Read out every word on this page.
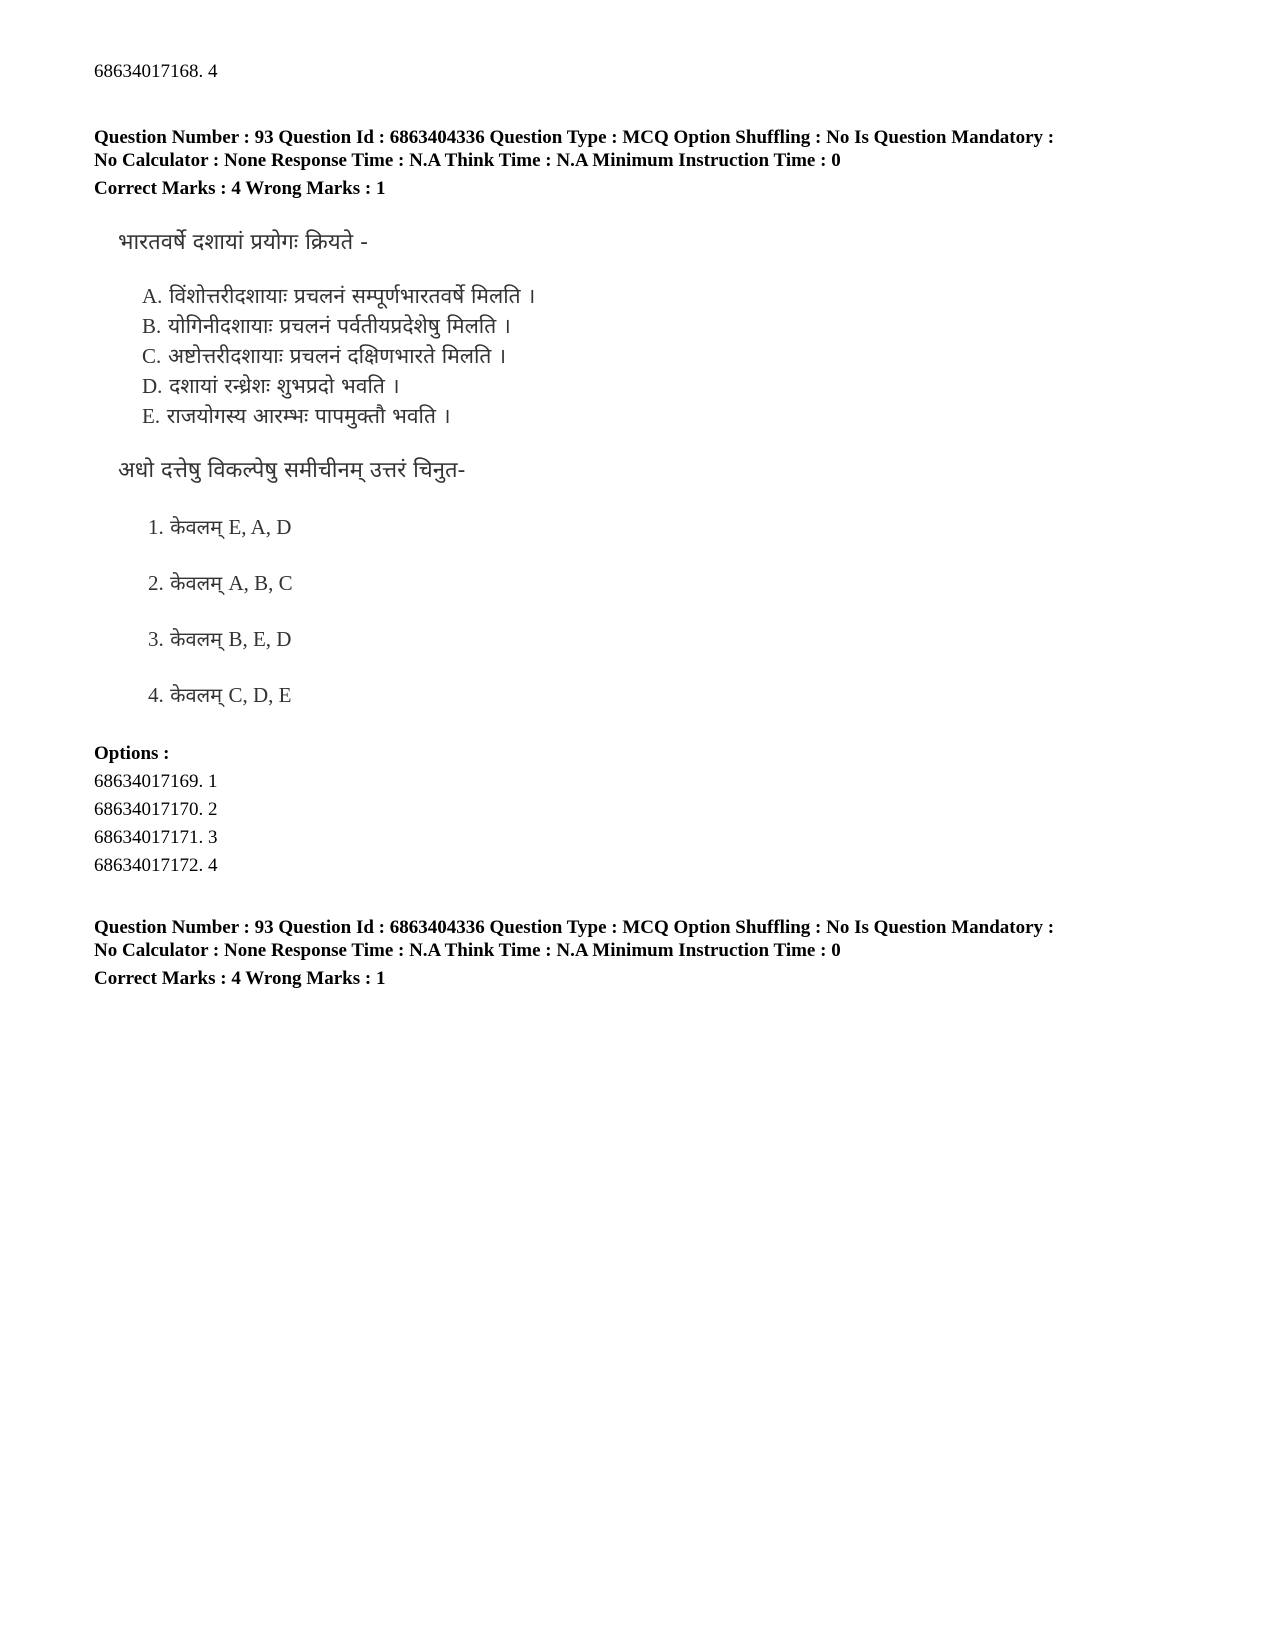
68634017168. 4
Question Number : 93 Question Id : 6863404336 Question Type : MCQ Option Shuffling : No Is Question Mandatory :
No Calculator : None Response Time : N.A Think Time : N.A Minimum Instruction Time : 0
Correct Marks : 4 Wrong Marks : 1
भारतवर्षे दशायां प्रयोगः क्रियते -
A. विंशोत्तरीदशायाः प्रचलनं सम्पूर्णभारतवर्षे मिलति ।
B. योगिनीदशायाः प्रचलनं पर्वतीयप्रदेशेषु मिलति ।
C. अष्टोत्तरीदशायाः प्रचलनं दक्षिणभारते मिलति ।
D. दशायां रन्ध्रेशः शुभप्रदो भवति ।
E. राजयोगस्य आरम्भः पापमुक्तौ भवति ।
अधो दत्तेषु विकल्पेषु समीचीनम् उत्तरं चिनुत-
1. केवलम् E, A, D
2. केवलम् A, B, C
3. केवलम् B, E, D
4. केवलम् C, D, E
Options :
68634017169. 1
68634017170. 2
68634017171. 3
68634017172. 4
Question Number : 93 Question Id : 6863404336 Question Type : MCQ Option Shuffling : No Is Question Mandatory :
No Calculator : None Response Time : N.A Think Time : N.A Minimum Instruction Time : 0
Correct Marks : 4 Wrong Marks : 1
